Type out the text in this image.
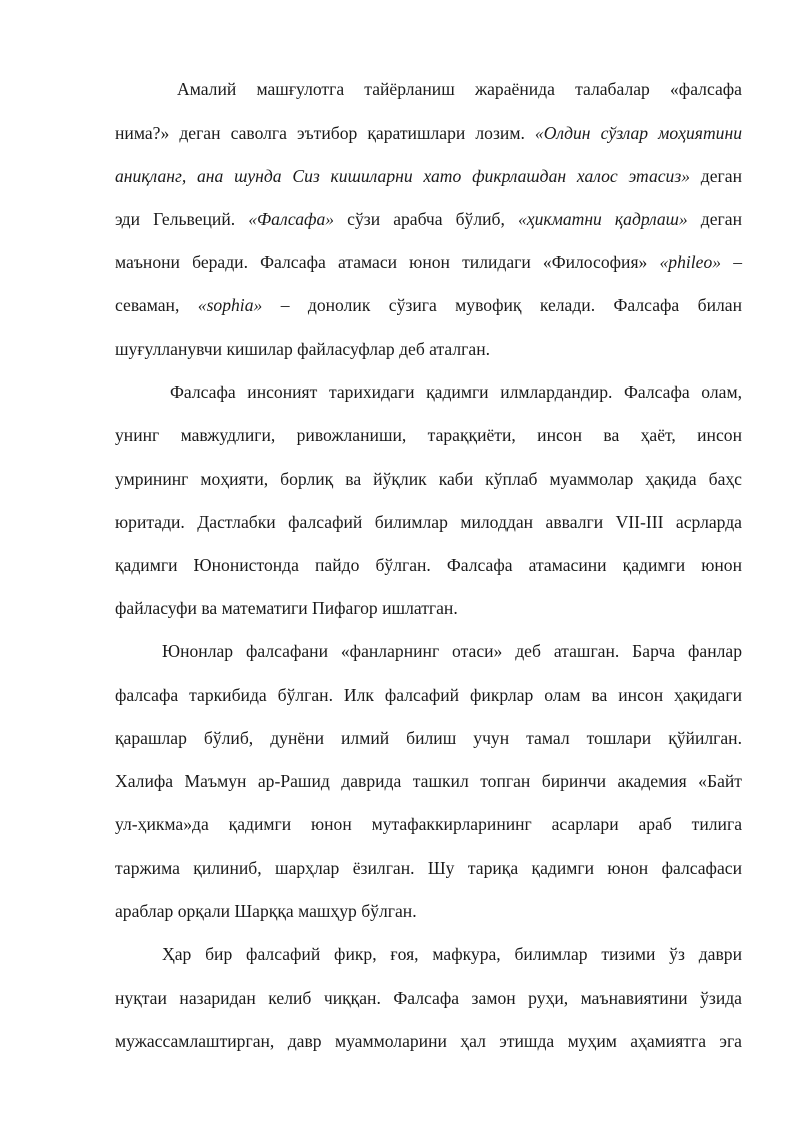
Амалий машғулотга тайёрланиш жараёнида талабалар «фалсафа
нима?» деган саволга эътибор қаратишлари лозим. «Олдин сўзлар моҳиятини
аниқланг, ана шунда Сиз кишиларни хато фикрлашдан халос этасиз» деган
эди Гельвеций. «Фалсафа» сўзи арабча бўлиб, «ҳикматни қадрлаш» деган
маънони беради. Фалсафа атамаси юнон тилидаги «Философия» «phileo» –
севаман, «sophia» – донолик сўзига мувофиқ келади. Фалсафа билан
шуғулланувчи кишилар файласуфлар деб аталган.
Фалсафа инсоният тарихидаги қадимги илмлардандир. Фалсафа олам,
унинг мавжудлиги, ривожланиши, тараққиёти, инсон ва ҳаёт, инсон
умрининг моҳияти, борлиқ ва йўқлик каби кўплаб муаммолар ҳақида баҳс
юритади. Дастлабки фалсафий билимлар милоддан аввалги VII-III асрларда
қадимги Юнонистонда пайдо бўлган. Фалсафа атамасини қадимги юнон
файласуфи ва математиги Пифагор ишлатган.
Юнонлар фалсафани «фанларнинг отаси» деб аташган. Барча фанлар
фалсафа таркибида бўлган. Илк фалсафий фикрлар олам ва инсон ҳақидаги
қарашлар бўлиб, дунёни илмий билиш учун тамал тошлари қўйилган.
Халифа Маъмун ар-Рашид даврида ташкил топган биринчи академия «Байт
ул-ҳикма»да қадимги юнон мутафаккирларининг асарлари араб тилига
таржима қилиниб, шарҳлар ёзилган. Шу тариқа қадимги юнон фалсафаси
араблар орқали Шарққа машҳур бўлган.
Ҳар бир фалсафий фикр, ғоя, мафкура, билимлар тизими ўз даври
нуқтаи назаридан келиб чиққан. Фалсафа замон руҳи, маънавиятини ўзида
мужассамлаштирган, давр муаммоларини ҳал этишда муҳим аҳамиятга эга
